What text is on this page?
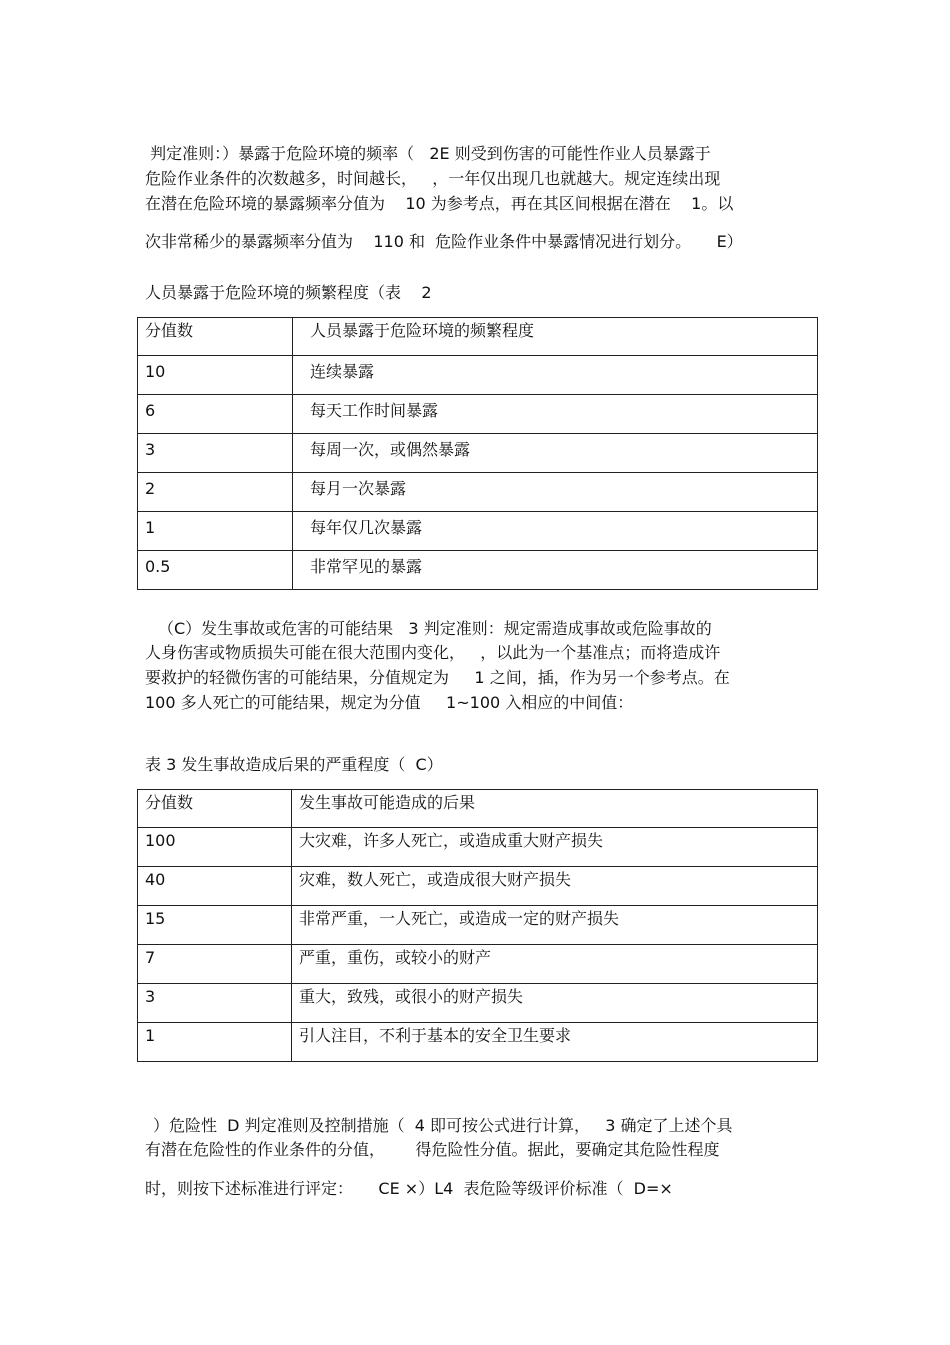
判定准则：）暴露于危险环境的频率（   2E 则受到伤害的可能性作业人员暴露于
危险作业条件的次数越多，时间越长，   ，一年仅出现几也就越大。规定连续出现
在潜在危险环境的暴露频率分值为    10 为参考点，再在其区间根据在潜在    1。以
次非常稀少的暴露频率分值为    110 和  危险作业条件中暴露情况进行划分。     E）
人员暴露于危险环境的频繁程度（表    2
分值数	人员暴露于危险环境的频繁程度

10	连续暴露

6	每天工作时间暴露

3	每周一次，或偶然暴露

2	每月一次暴露

1	每年仅几次暴露

0.5	非常罕见的暴露
（C）发生事故或危害的可能结果   3 判定准则：规定需造成事故或危险事故的
人身伤害或物质损失可能在很大范围内变化，   ，以此为一个基准点；而将造成许
要救护的轻微伤害的可能结果，分值规定为     1 之间，插，作为另一个参考点。在
100 多人死亡的可能结果，规定为分值     1~100 入相应的中间值：
表 3 发生事故造成后果的严重程度（  C）
分值数	发生事故可能造成的后果

100	大灾难，许多人死亡，或造成重大财产损失

40	灾难，数人死亡，或造成很大财产损失

15	非常严重，一人死亡，或造成一定的财产损失

7	严重，重伤，或较小的财产

3	重大，致残，或很小的财产损失

1	引人注目，不利于基本的安全卫生要求
）危险性  D 判定准则及控制措施（  4 即可按公式进行计算，   3 确定了上述个具
有潜在危险性的作业条件的分值，      得危险性分值。据此，要确定其危险性程度
时，则按下述标准进行评定：     CE ×）L4  表危险等级评价标准（  D=×
